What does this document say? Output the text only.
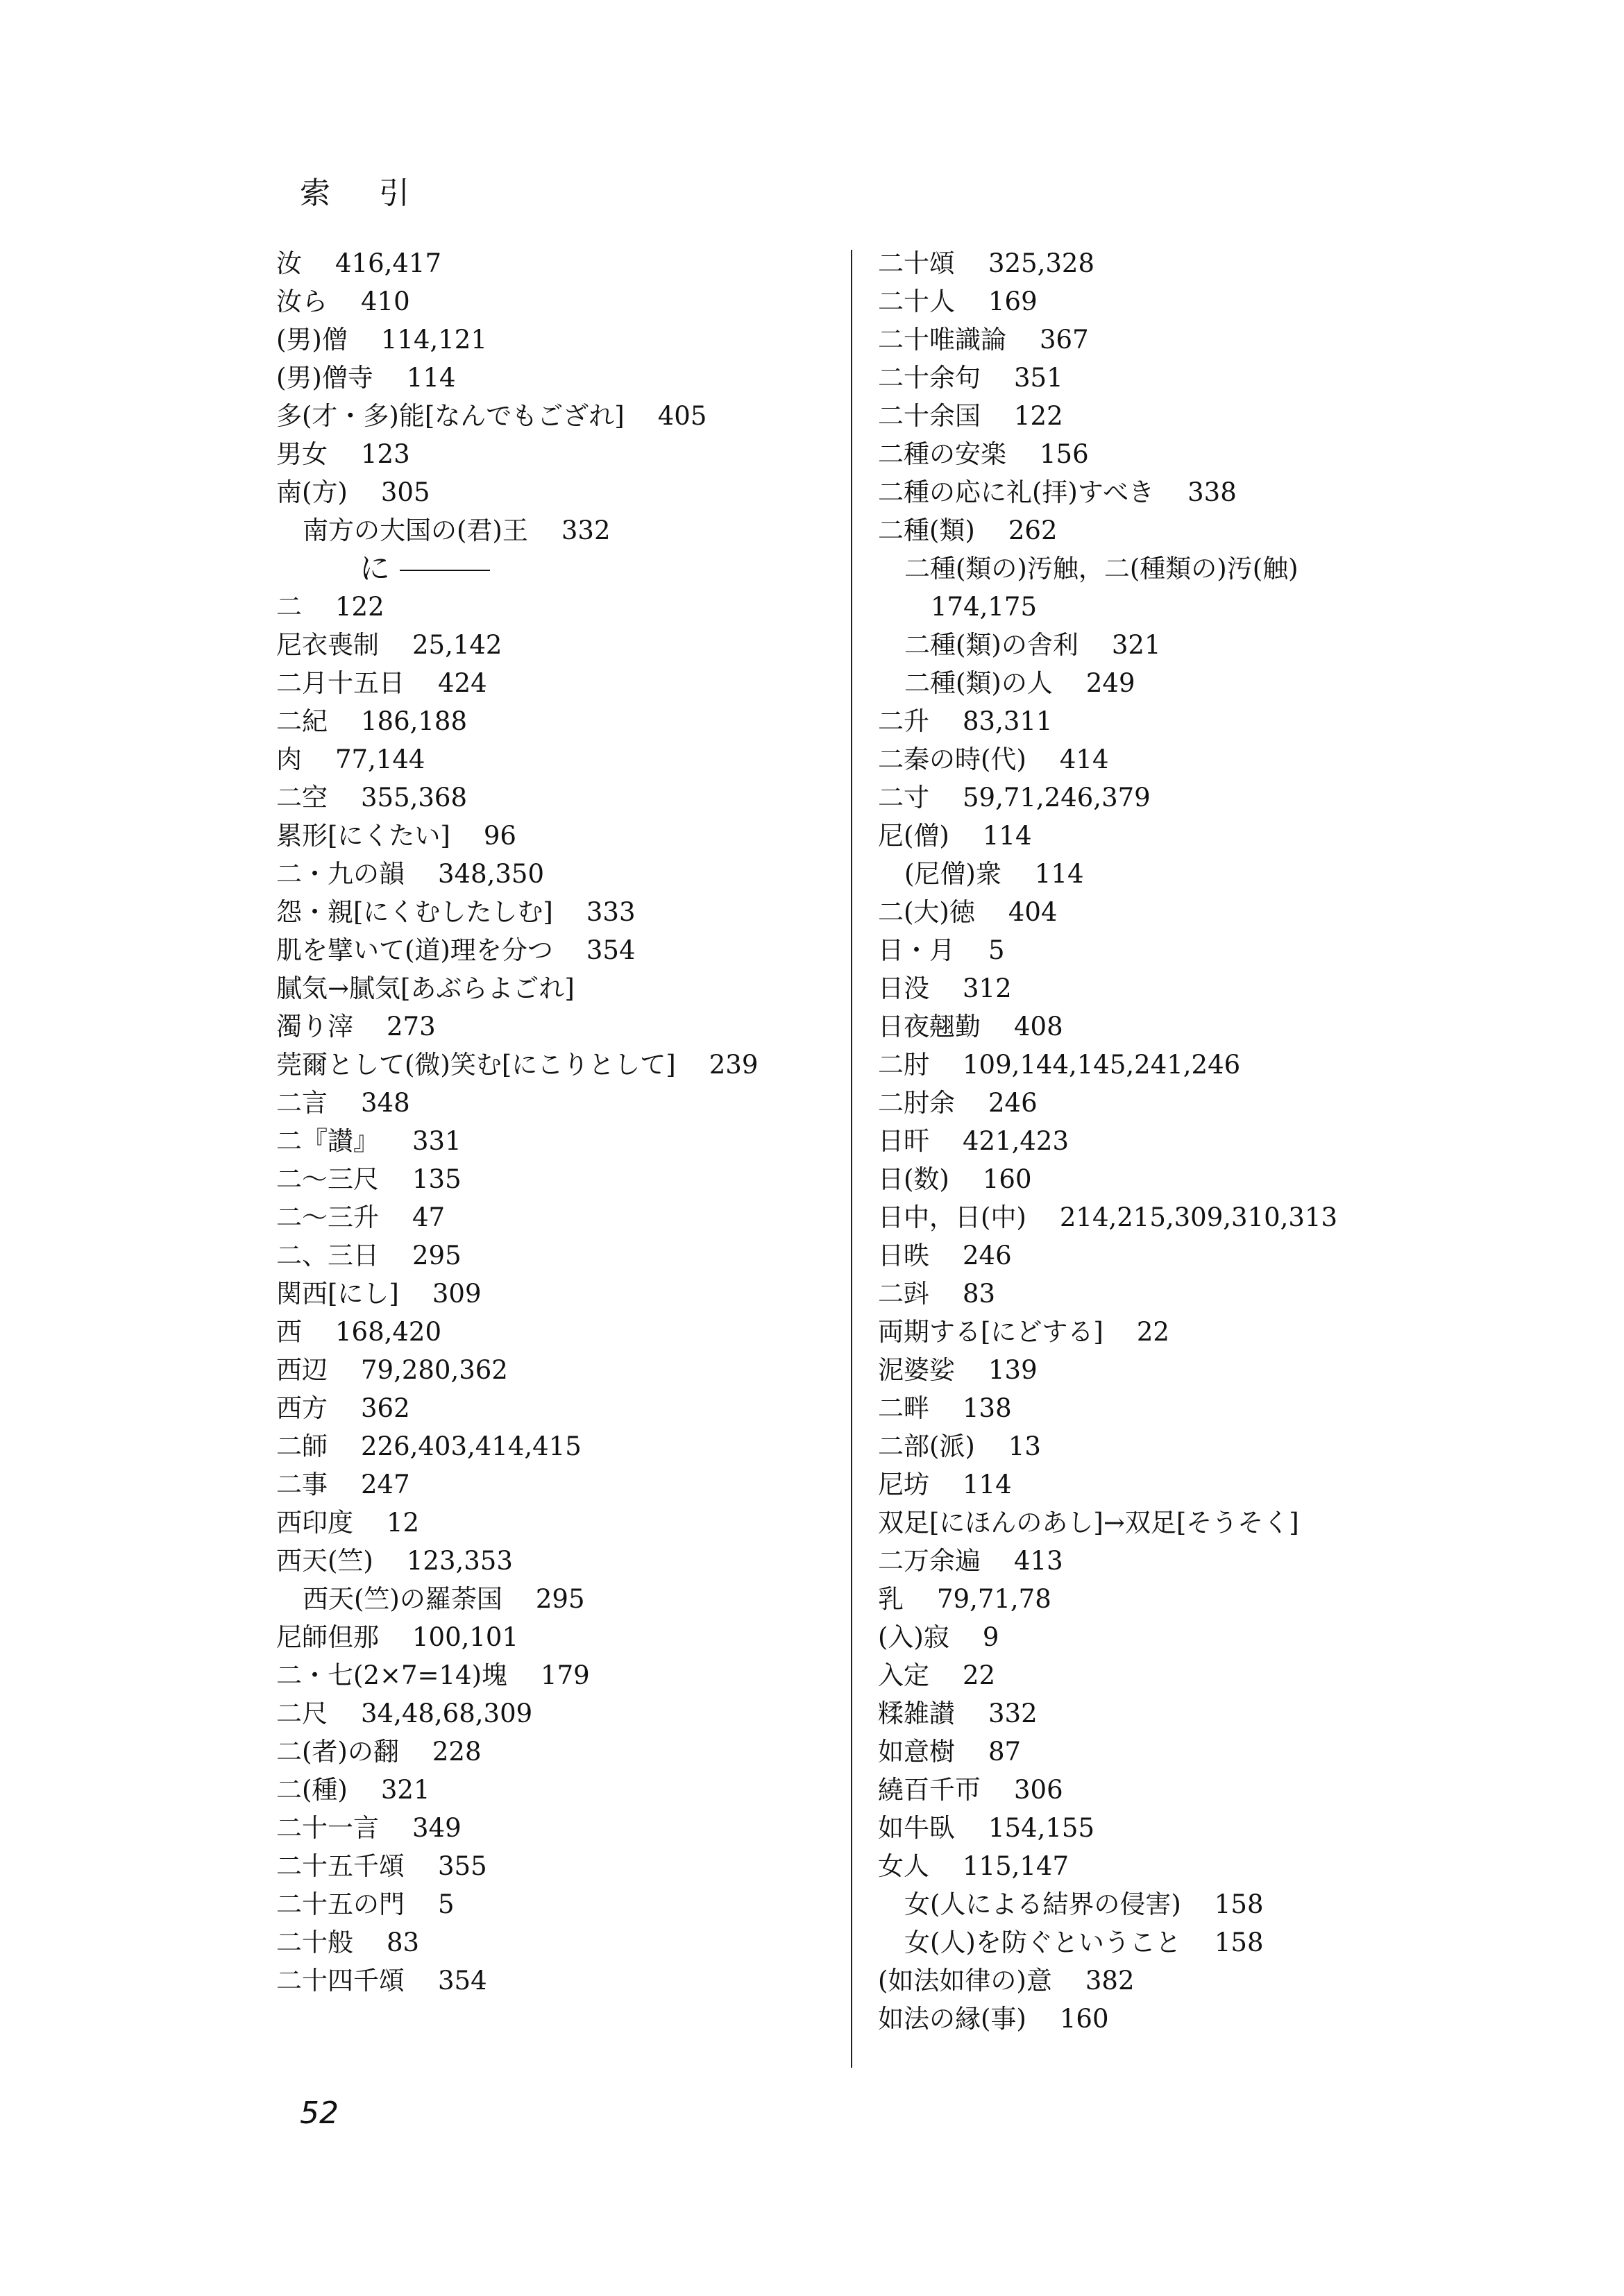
索 引
汝 416,417
汝ら 410
(男)僧 114,121
(男)僧寺 114
多(才・多)能[なんでもござれ] 405
男女 123
南(方) 305
南方の大国の(君)王 332
に
二 122
尼衣喪制 25,142
二月十五日 424
二紀 186,188
肉 77,144
二空 355,368
累形[にくたい] 96
二・九の韻 348,350
怨・親[にくむしたしむ] 333
肌を擘いて(道)理を分つ 354
膩気→膩気[あぶらよごれ]
濁り滓 273
莞爾として(微)笑む[にこりとして] 239
二言 348
二『讃』 331
二～三尺 135
二～三升 47
二、三日 295
関西[にし] 309
西 168,420
西辺 79,280,362
西方 362
二師 226,403,414,415
二事 247
西印度 12
西天(竺) 123,353
西天(竺)の羅荼国 295
尼師但那 100,101
二・七(2×7=14)塊 179
二尺 34,48,68,309
二(者)の翻 228
二(種) 321
二十一言 349
二十五千頌 355
二十五の門 5
二十般 83
二十四千頌 354
二十頌 325,328
二十人 169
二十唯識論 367
二十余句 351
二十余国 122
二種の安楽 156
二種の応に礼(拝)すべき 338
二種(類) 262
二種(類の)汚触，二(種類の)汚(触)
174,175
二種(類)の舎利 321
二種(類)の人 249
二升 83,311
二秦の時(代) 414
二寸 59,71,246,379
尼(僧) 114
(尼僧)衆 114
二(大)徳 404
日・月 5
日没 312
日夜翹勤 408
二肘 109,144,145,241,246
二肘余 246
日旰 421,423
日(数) 160
日中，日(中) 214,215,309,310,313
日昳 246
二㪷 83
両期する[にどする] 22
泥婆娑 139
二畔 138
二部(派) 13
尼坊 114
双足[にほんのあし]→双足[そうそく]
二万余遍 413
乳 79,71,78
(入)寂 9
入定 22
糅雑讃 332
如意樹 87
繞百千帀 306
如牛臥 154,155
女人 115,147
女(人による結界の侵害) 158
女(人)を防ぐということ 158
(如法如律の)意 382
如法の縁(事) 160
52
